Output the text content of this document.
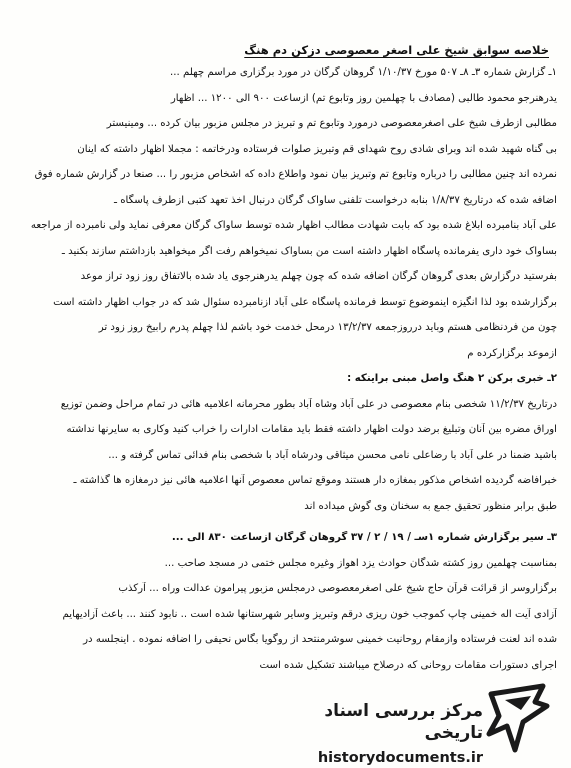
خلاصه سوابق شیخ علی اصغر معصوصی دزکن دم هنگ
۱ـ گزارش شماره ۳ـ ۸ـ ۵۰۷ مورخ ۱/۱۰/۳۷ گروهان گرگان در مورد برگزاری مراسم چهلم ...
یدرهنرجو محمود طالبی (مصادف با چهلمین روز وتابوع تم) ازساعت ۹۰۰ الی ۱۲۰۰ ... اظهار
مطالبی ازطرف شیخ علی اصغرمعصوصی درمورد وتابوع تم و تبریز در مجلس مزبور بیان کرده ... ومینیستر
بی گناه شهید شده اند وبرای شادی روح شهدای قم وتبریز صلوات فرستاده ودرخاتمه : مجملا اظهار داشته که اینان
نمرده اند چنین مطالبی را درباره وتابوع تم وتبریز بیان نمود واطلاع داده که اشخاص مزبور را ... صنعا در گزارش شماره فوق
اضافه شده که درتاریخ ۱/۸/۳۷ بنابه درخواست تلفنی ساواک گرگان درنبال اخذ تعهد کتبی ازطرف پاسگاه ـ
علی آباد بنامبرده ابلاغ شده بود که بابت شهادت مطالب اظهار شده توسط ساواک گرگان معرفی نماید ولی نامبرده از مراجعه
بساواک خود داری یفرمانده پاسگاه اظهار داشته است من بساواک نمیخواهم رفت اگر میخواهید بازداشتم سازند بکنید ـ
بفرستید درگزارش بعدی گروهان گرگان اضافه شده که چون چهلم یدرهنرجوی یاد شده بالاتفاق روز زود تراز موعد
برگزارشده بود لذا انگیزه اینموضوع توسط فرمانده پاسگاه علی آباد ازنامبرده سئوال شد که در جواب اظهار داشته است
چون من فردنظامی هستم وباید درروزجمعه ۱۳/۲/۳۷ درمحل خدمت خود باشم لذا چهلم پدرم رابیخ روز زود تر
ازموعد برگزارکرده م
۲ـ خبری برکن ۲ هنگ واصل مبنی براینکه :
درتاریخ ۱۱/۲/۳۷ شخصی بنام معصوصی در علی آباد وشاه آباد بطور محرمانه اعلامیه هائی در تمام مراحل وضمن توزیع
اوراق مضره بین آنان وتبلیغ برضد دولت اظهار داشته فقط باید مقامات ادارات را خراب کنید وکاری به سایرنها نداشته
باشید ضمنا در علی آباد با رضاعلی نامی محسن میثاقی ودرشاه آباد با شخصی بنام فدائی تماس گرفته و ...
خبرافاضه گردیده اشخاص مذکور بمغازه دار هستند وموقع تماس معصوص آنها اعلامیه هائی نیز درمغازه ها گذاشته ـ
طبق برابر منظور تحقیق جمع به سخنان وی گوش میداده اند
۳ـ سیر برگزارش شماره ۱سـ / ۱۹ / ۲ / ۳۷ گروهان گرگان ازساعت ۸۳۰ الی ...
بمناسبت چهلمین روز کشته شدگان حوادث یزد اهواز وغیره مجلس ختمی در مسجد صاحب ...
برگزاروسر از قرائت قرآن حاج شیخ علی اصغرمعصوصی درمجلس مزبور پیرامون عدالت وراه ... آرکذب
آزادی آیت اله خمینی چاپ کموجب خون ریزی درقم وتبریز وسایر شهرستانها شده است .. نابود کنند ... باعث آزادیهایم
شده اند لعنت فرستاده وازمقام روحانیت خمینی سوشرمنتحد از روگویا بگاس نحیفی را اضافه نموده . اینجلسه در
اجرای دستورات مقامات روحانی که درصلاح میباشند تشکیل شده است
مرکز بررسی اسناد تاریخی
historydocuments.ir
